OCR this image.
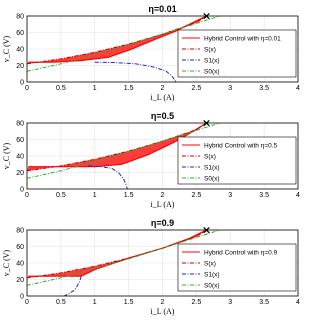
η=0.01
0	0.5	1	1.5	2	2.5	3	3.5	4
0
20
40
60
80
i_L (A)
v_C (V)
×
Hybrid Control with η=0.01
S(x)
S1(x)
S0(x)
η=0.5
0	0.5	1	1.5	2	2.5	3	3.5	4
0
20
40
60
80
i_L (A)
v_C (V)
×
Hybrid Control with η=0.5
S(x)
S1(x)
S0(x)
η=0.9
0	0.5	1	1.5	2	2.5	3	3.5	4
0
20
40
60
80
i_L (A)
v_C (V)
×
Hybrid Control with η=0.9
S(x)
S1(x)
S0(x)
